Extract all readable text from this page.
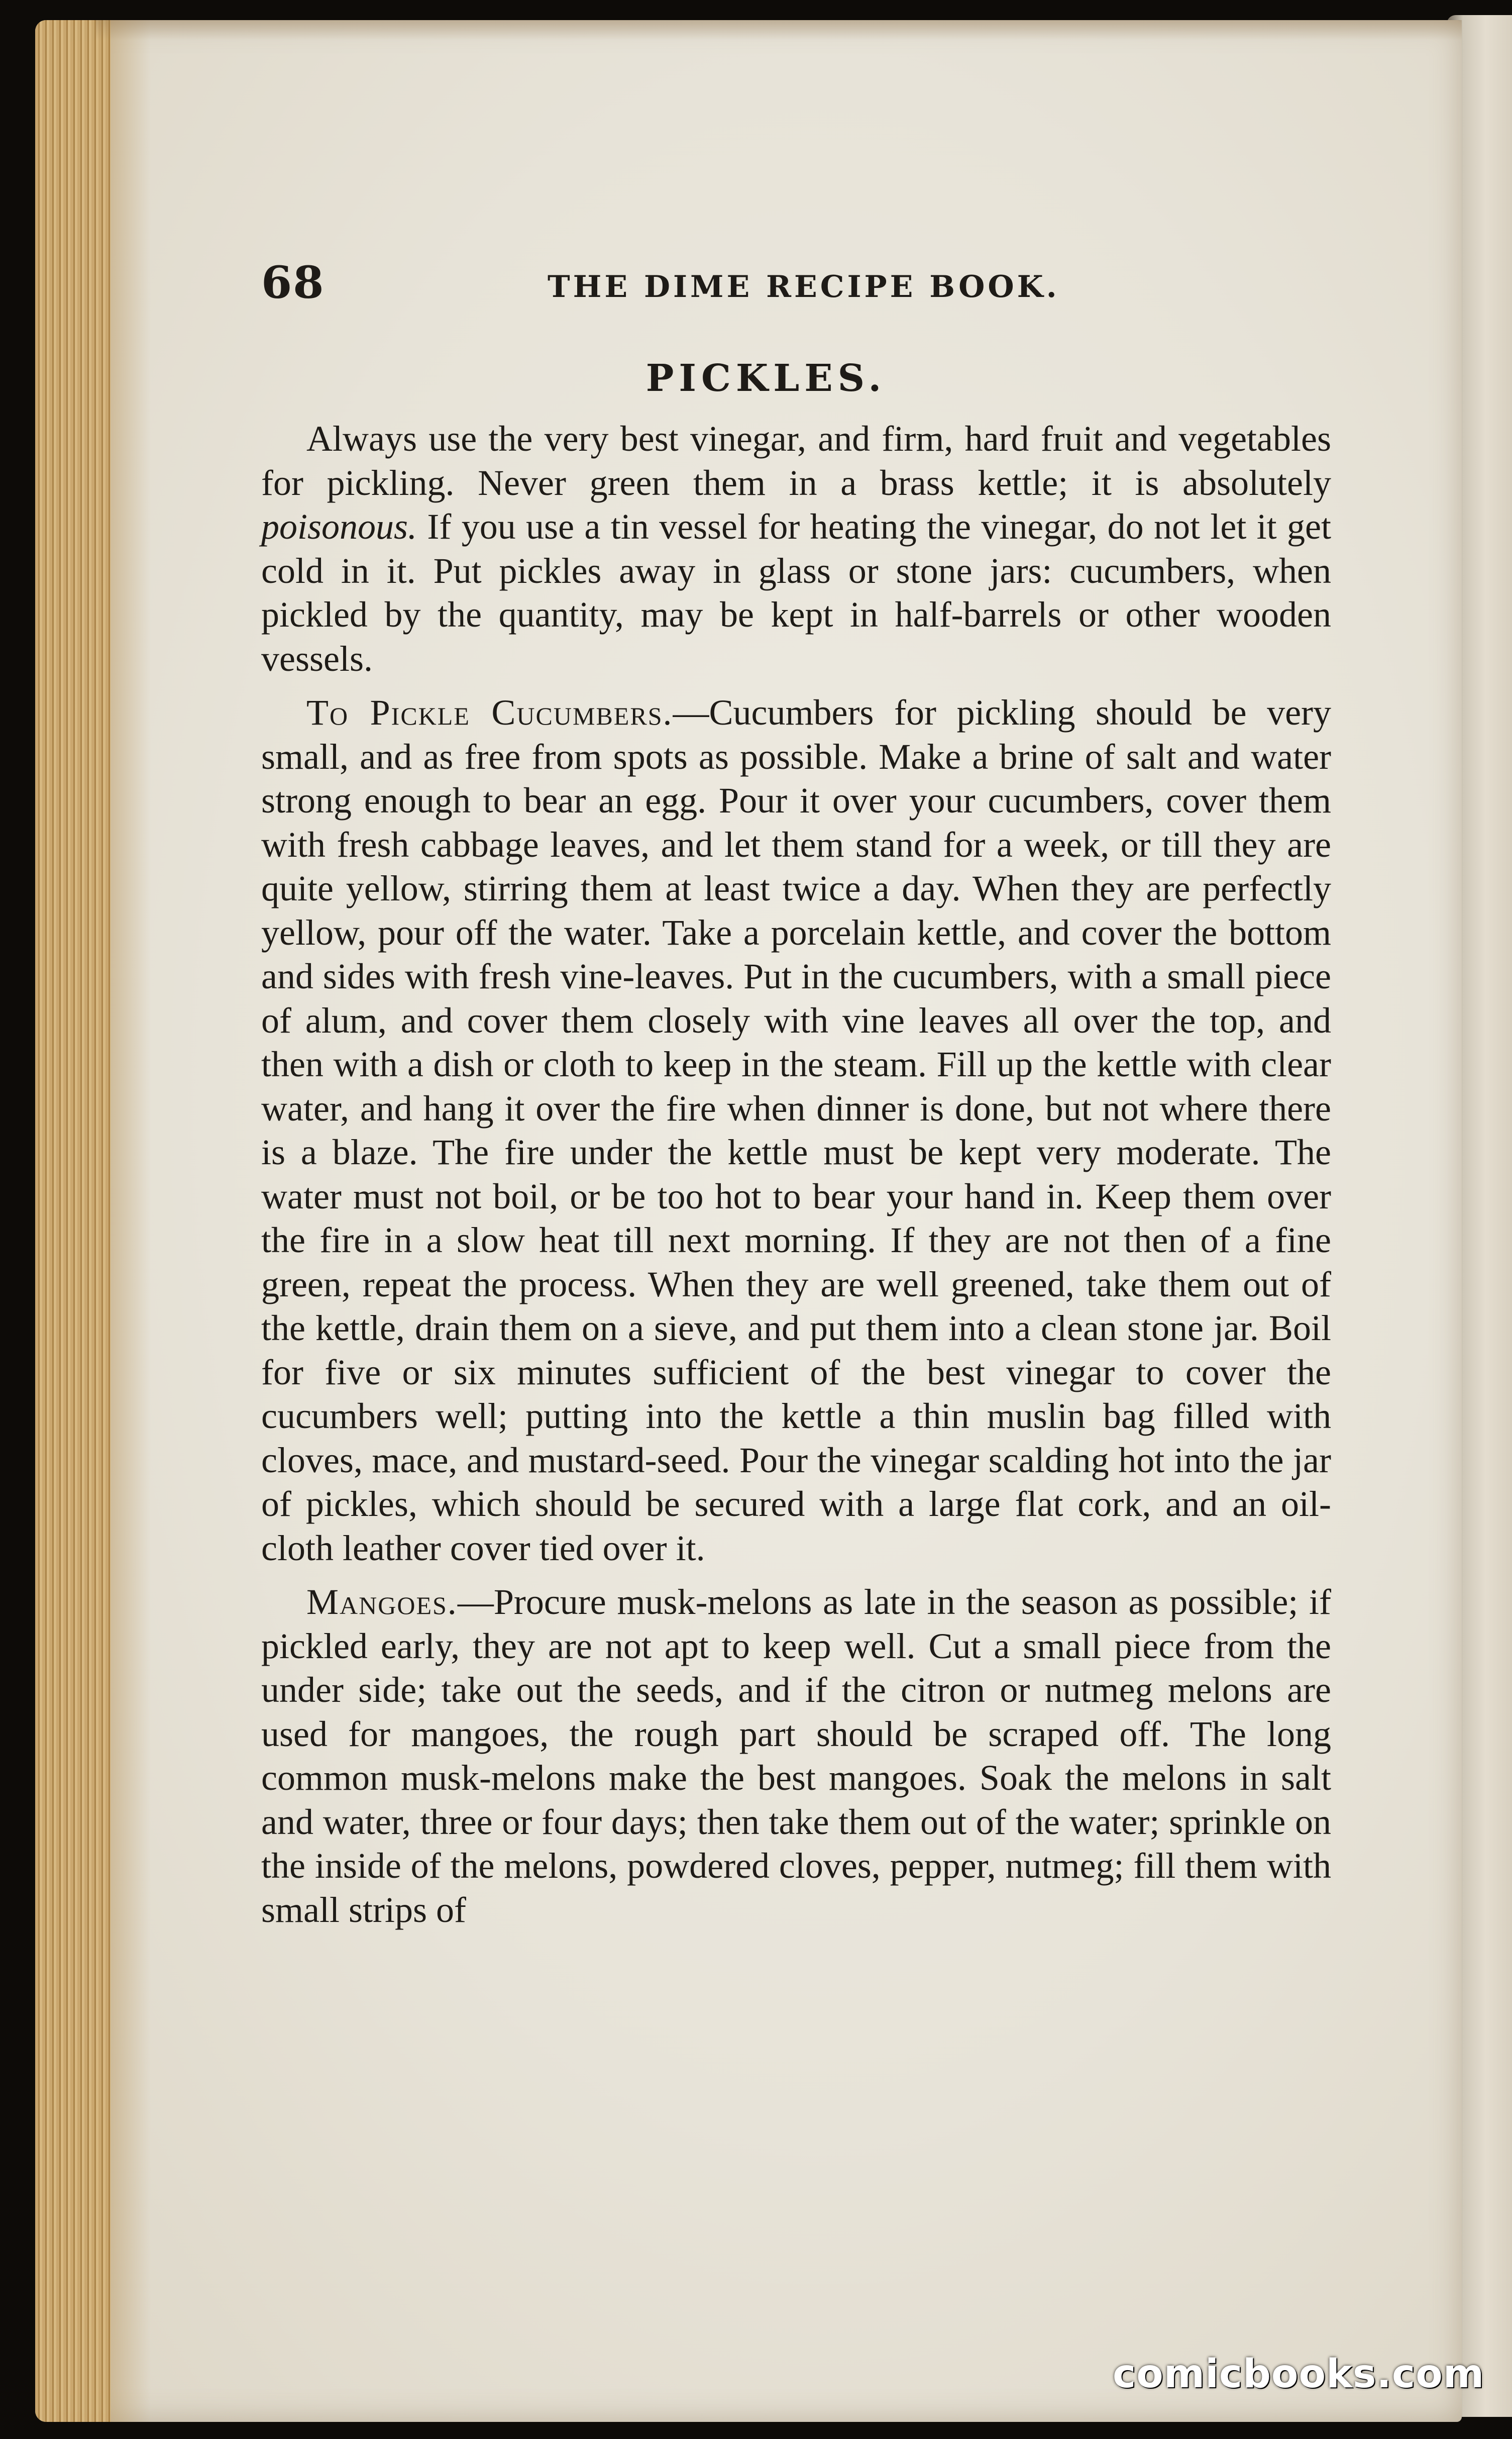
68	THE DIME RECIPE BOOK.
PICKLES.

Always use the very best vinegar, and firm, hard fruit and vegetables for pickling. Never green them in a brass kettle; it is absolutely poisonous. If you use a tin vessel for heating the vinegar, do not let it get cold in it. Put pickles away in glass or stone jars: cucumbers, when pickled by the quantity, may be kept in half-barrels or other wooden vessels.

To Pickle Cucumbers.—Cucumbers for pickling should be very small, and as free from spots as possible. Make a brine of salt and water strong enough to bear an egg. Pour it over your cucumbers, cover them with fresh cabbage leaves, and let them stand for a week, or till they are quite yellow, stirring them at least twice a day. When they are perfectly yellow, pour off the water. Take a porcelain kettle, and cover the bottom and sides with fresh vine-leaves. Put in the cucumbers, with a small piece of alum, and cover them closely with vine leaves all over the top, and then with a dish or cloth to keep in the steam. Fill up the kettle with clear water, and hang it over the fire when dinner is done, but not where there is a blaze. The fire under the kettle must be kept very moderate. The water must not boil, or be too hot to bear your hand in. Keep them over the fire in a slow heat till next morning. If they are not then of a fine green, repeat the process. When they are well greened, take them out of the kettle, drain them on a sieve, and put them into a clean stone jar. Boil for five or six minutes sufficient of the best vinegar to cover the cucumbers well; putting into the kettle a thin muslin bag filled with cloves, mace, and mustard-seed. Pour the vinegar scalding hot into the jar of pickles, which should be secured with a large flat cork, and an oil-cloth leather cover tied over it.

Mangoes.—Procure musk-melons as late in the season as possible; if pickled early, they are not apt to keep well. Cut a small piece from the under side; take out the seeds, and if the citron or nutmeg melons are used for mangoes, the rough part should be scraped off. The long common musk-melons make the best mangoes. Soak the melons in salt and water, three or four days; then take them out of the water; sprinkle on the inside of the melons, powdered cloves, pepper, nutmeg; fill them with small strips of

comicbooks.com
